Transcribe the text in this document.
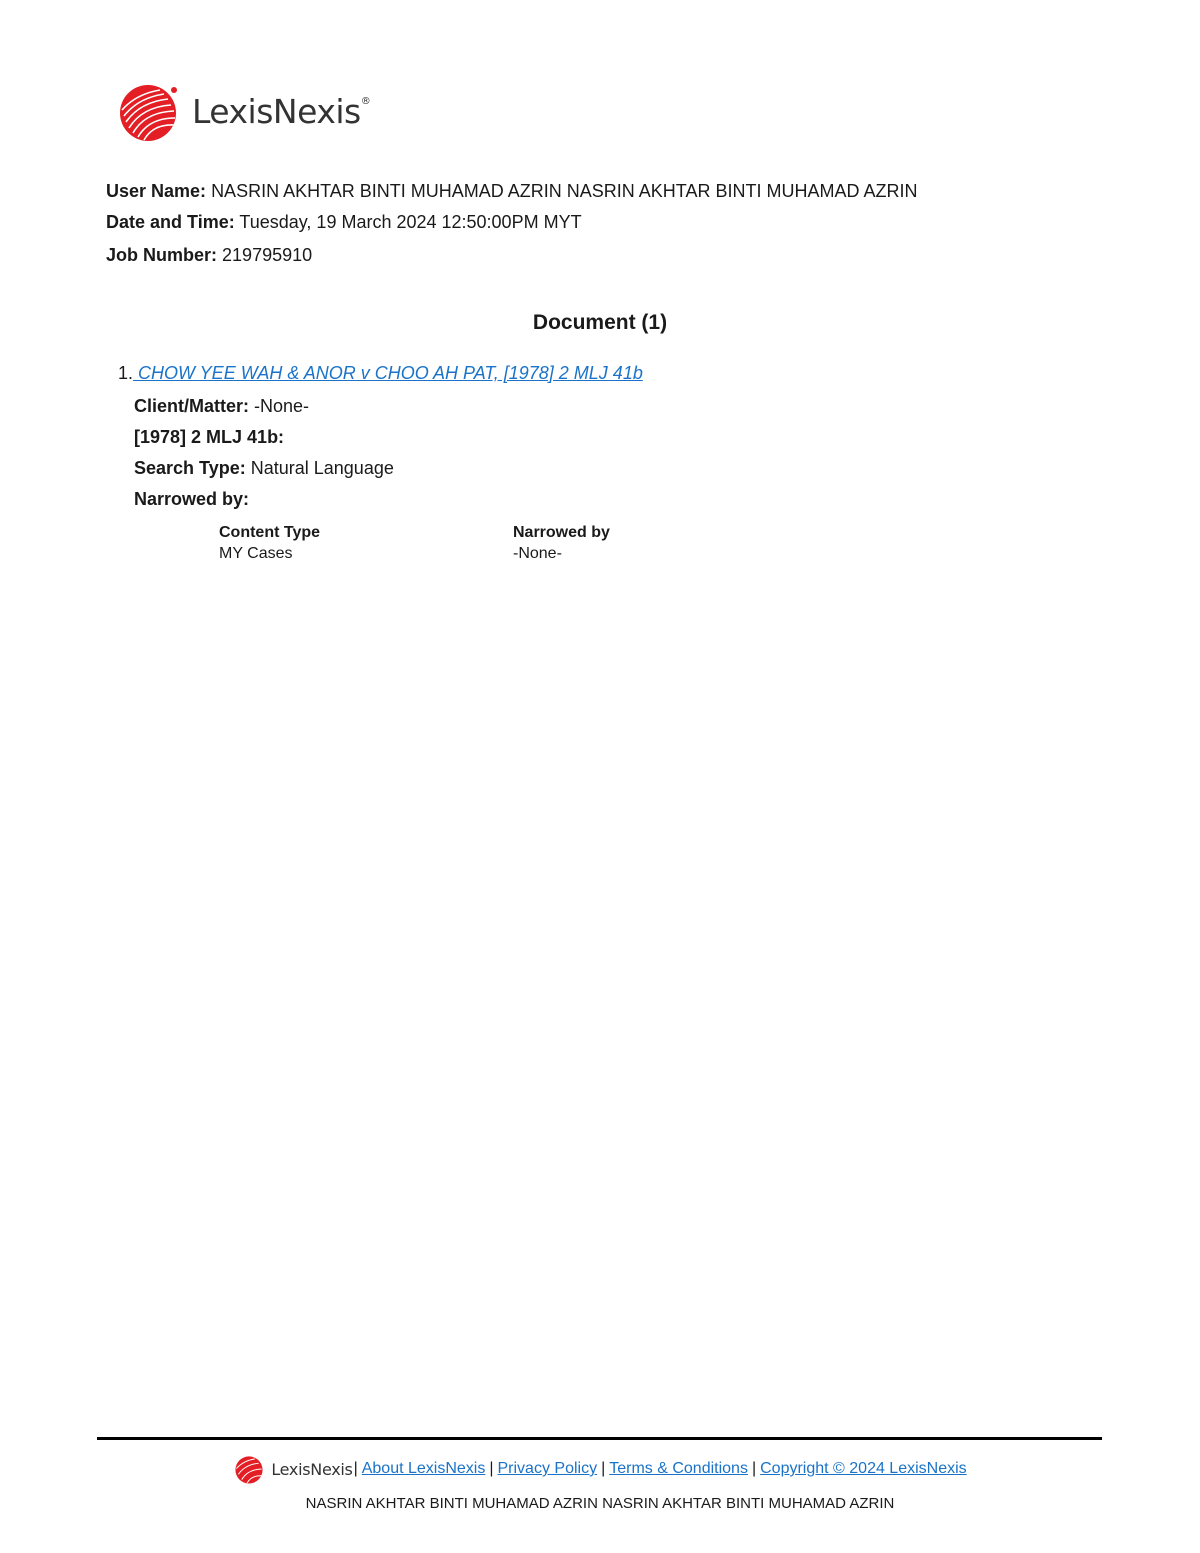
LexisNexis®
User Name: NASRIN AKHTAR BINTI MUHAMAD AZRIN NASRIN AKHTAR BINTI MUHAMAD AZRIN
Date and Time: Tuesday, 19 March 2024 12:50:00PM MYT
Job Number: 219795910
Document (1)
1. CHOW YEE WAH & ANOR v CHOO AH PAT, [1978] 2 MLJ 41b
Client/Matter: -None-
[1978] 2 MLJ 41b:
Search Type: Natural Language
Narrowed by:
Content Type
MY Cases
Narrowed by
-None-
LexisNexis | About LexisNexis | Privacy Policy | Terms & Conditions | Copyright © 2024 LexisNexis
NASRIN AKHTAR BINTI MUHAMAD AZRIN NASRIN AKHTAR BINTI MUHAMAD AZRIN
